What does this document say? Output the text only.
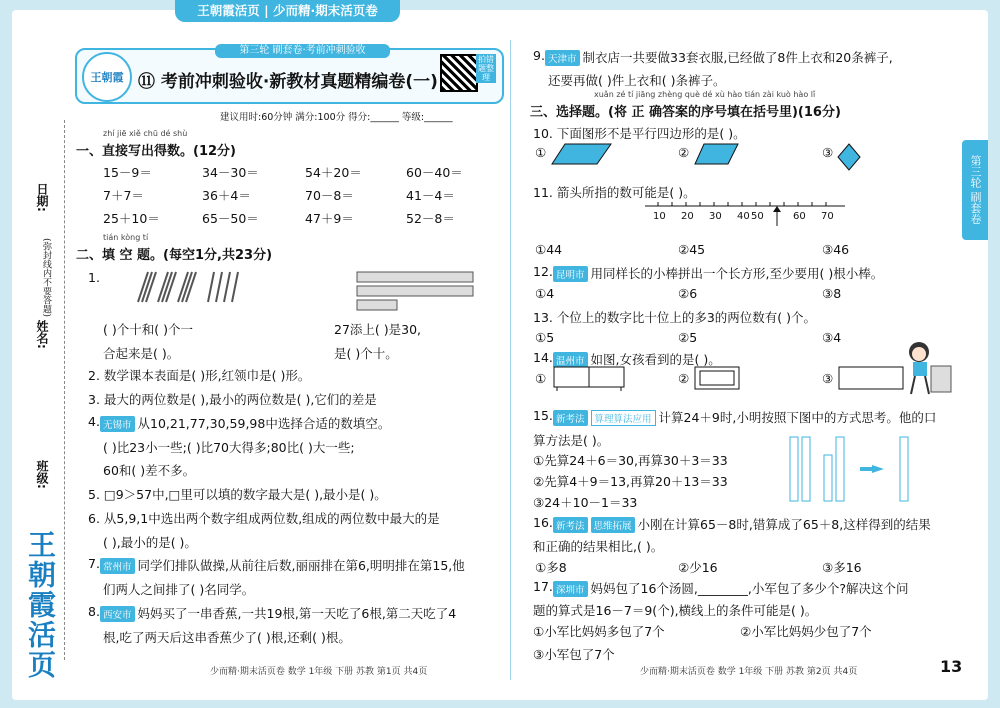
王朝霞活页 | 少而精·期末活页卷
日期:
(弥封线内不要答题)
姓名:
班级:
王朝霞活页
第三轮 刷套卷·考前冲刺验收
王朝霞 ⑪ 考前冲刺验收·新教材真题精编卷(一)
拍错题整理
建议用时:60分钟 满分:100分 得分:______ 等级:______
zhí jiē xiě chū dé shù
一、直接写出得数。(12分)
15－9＝	34－30＝	54＋20＝	60－40＝
7＋7＝	36＋4＝	70－8＝	41－4＝
25＋10＝	65－50＝	47＋9＝	52－8＝
tián kòng tí
二、填 空 题。(每空1分,共23分)
1.
( )个十和( )个一	27添上( )是30,
合起来是( )。	是( )个十。
2. 数学课本表面是( )形,红领巾是( )形。
3. 最大的两位数是( ),最小的两位数是( ),它们的差是
4. 无锡市 从10,21,77,30,59,98中选择合适的数填空。
( )比23小一些;( )比70大得多;80比( )大一些;
60和( )差不多。
5. □9＞57中,□里可以填的数字最大是( ),最小是( )。
6. 从5,9,1中选出两个数字组成两位数,组成的两位数中最大的是
( ),最小的是( )。
7. 常州市 同学们排队做操,从前往后数,丽丽排在第6,明明排在第15,他
们两人之间排了( )名同学。
8. 西安市 妈妈买了一串香蕉,一共19根,第一天吃了6根,第二天吃了4
根,吃了两天后这串香蕉少了( )根,还剩( )根。
少而精·期末活页卷 数学 1年级 下册 苏教 第1页 共4页
9. 天津市 制衣店一共要做33套衣服,已经做了8件上衣和20条裤子,
还要再做( )件上衣和( )条裤子。
xuǎn zé tí jiāng zhèng què dé xù hào tián zài kuò hào lǐ
三、选择题。(将 正 确答案的序号填在括号里)(16分)
10. 下面图形不是平行四边形的是( )。
①	②	③
11. 箭头所指的数可能是( )。
10 20 30 40 50	60 70
①44	②45	③46
12. 昆明市 用同样长的小棒拼出一个长方形,至少要用( )根小棒。
①4	②6	③8
13. 个位上的数字比十位上的多3的两位数有( )个。
①5	②5	③4
14. 温州市 如图,女孩看到的是( )。
①	②	③
15. 新考法 算理算法应用 计算24＋9时,小明按照下图中的方式思考。他的口
算方法是( )。
①先算24＋6＝30,再算30＋3＝33
②先算4＋9＝13,再算20＋13＝33
③24＋10－1＝33
16. 新考法 思维拓展 小刚在计算65－8时,错算成了65＋8,这样得到的结果
和正确的结果相比,( )。
①多8	②少16	③多16
17. 深圳市 妈妈包了16个汤圆,________,小军包了多少个?解决这个问
题的算式是16－7＝9(个),横线上的条件可能是( )。
①小军比妈妈多包了7个	②小军比妈妈少包了7个
③小军包了7个
第三轮 刷套卷
少而精·期末活页卷 数学 1年级 下册 苏教 第2页 共4页	13
